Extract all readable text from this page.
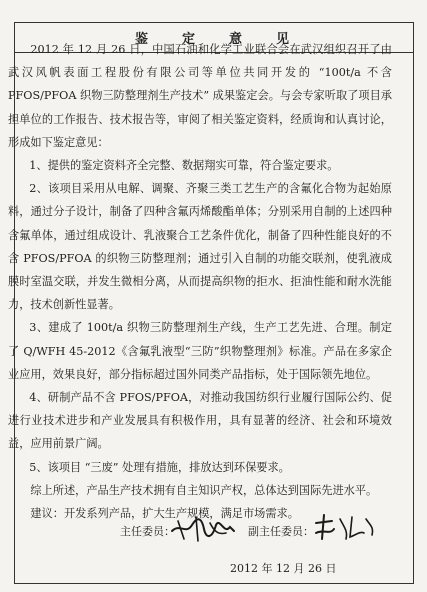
鉴定意见

2012 年 12 月 26 日，中国石油和化学工业联合会在武汉组织召开了由武汉风帆表面工程股份有限公司等单位共同开发的 “100t/a 不含 PFOS/PFOA 织物三防整理剂生产技术” 成果鉴定会。与会专家听取了项目承担单位的工作报告、技术报告等，审阅了相关鉴定资料，经质询和认真讨论，形成如下鉴定意见：

1、提供的鉴定资料齐全完整、数据翔实可靠，符合鉴定要求。

2、该项目采用从电解、调聚、齐聚三类工艺生产的含氟化合物为起始原料，通过分子设计，制备了四种含氟丙烯酸酯单体；分别采用自制的上述四种含氟单体，通过组成设计、乳液聚合工艺条件优化，制备了四种性能良好的不含 PFOS/PFOA 的织物三防整理剂；通过引入自制的功能交联剂，使乳液成膜时室温交联，并发生微相分离，从而提高织物的拒水、拒油性能和耐水洗能力，技术创新性显著。

3、建成了 100t/a 织物三防整理剂生产线，生产工艺先进、合理。制定了 Q/WFH 45-2012《含氟乳液型“三防”织物整理剂》标准。产品在多家企业应用，效果良好，部分指标超过国外同类产品指标，处于国际领先地位。

4、研制产品不含 PFOS/PFOA，对推动我国纺织行业履行国际公约、促进行业技术进步和产业发展具有积极作用，具有显著的经济、社会和环境效益，应用前景广阔。

5、该项目 “三废” 处理有措施，排放达到环保要求。

综上所述，产品生产技术拥有自主知识产权，总体达到国际先进水平。

建议：开发系列产品，扩大生产规模，满足市场需求。

主任委员：	副主任委员：
2012 年 12 月 26 日
